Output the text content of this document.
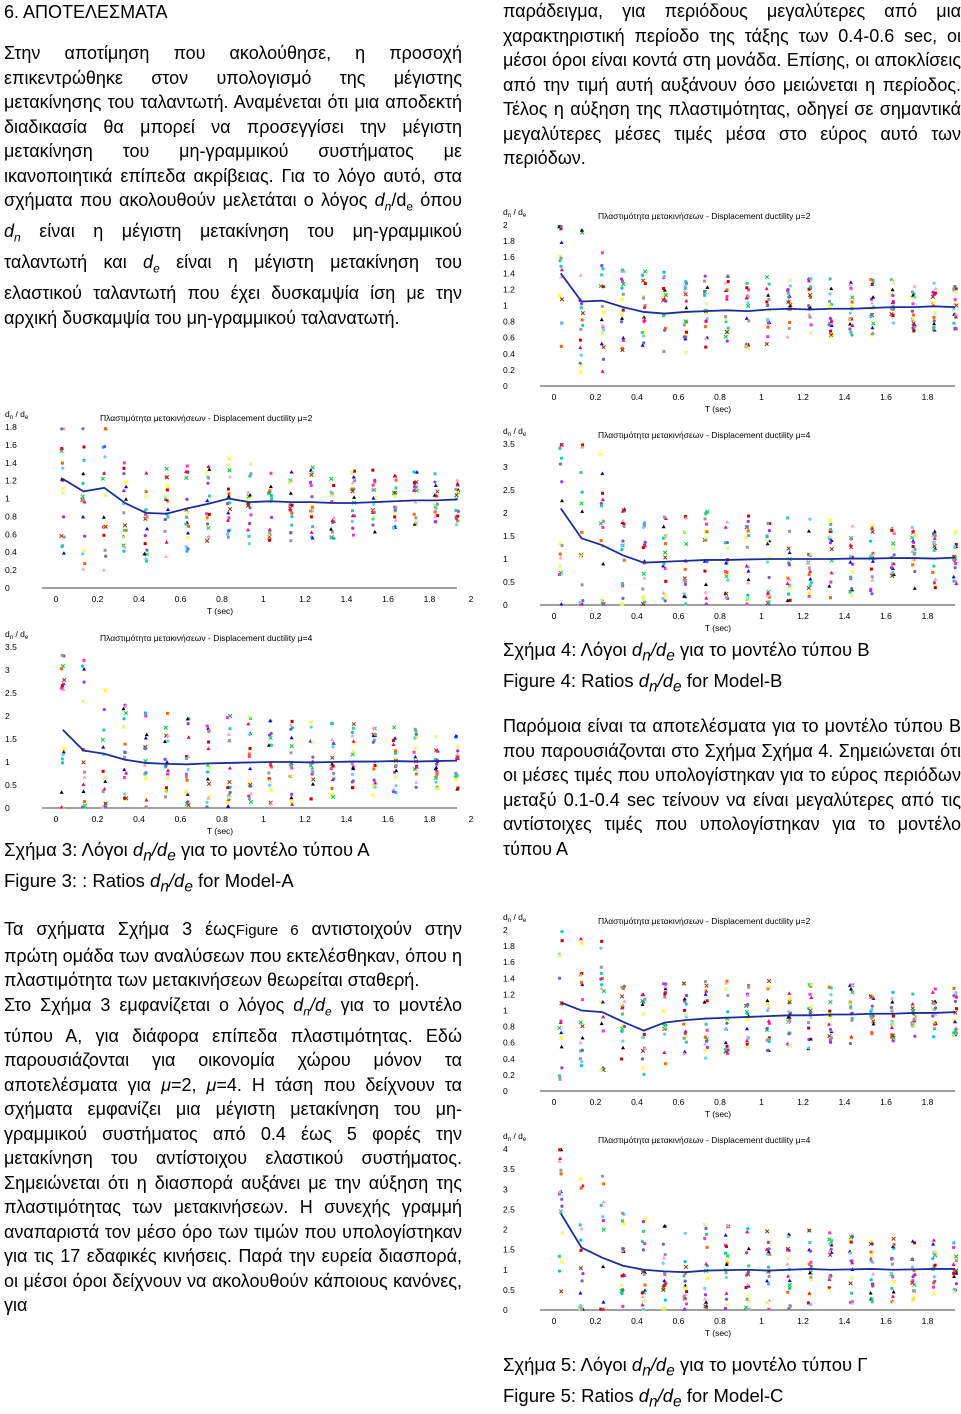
6. ΑΠΟΤΕΛΕΣΜΑΤΑ

Στην αποτίμηση που ακολούθησε, η προσοχή επικεντρώθηκε στον υπολογισμό της μέγιστης μετακίνησης του ταλαντωτή. Αναμένεται ότι μια αποδεκτή διαδικασία θα μπορεί να προσεγγίσει την μέγιστη μετακίνηση του μη-γραμμικού συστήματος με ικανοποιητικά επίπεδα ακρίβειας. Για το λόγο αυτό, στα σχήματα που ακολουθούν μελετάται ο λόγος $d_n/d_e$ όπου $d_n$ είναι η μέγιστη μετακίνηση του μη-γραμμικού ταλαντωτή και $d_e$ είναι η μέγιστη μετακίνηση του ελαστικού ταλαντωτή που έχει δυσκαμψία ίση με την αρχική δυσκαμψία του μη-γραμμικού ταλανατωτή.

Σχήμα 3: Λόγοι $d_n/d_e$ για το μοντέλο τύπου Α

Figure 3: : Ratios $d_n/d_e$ for Model-A

Τα σχήματα Σχήμα 3 έωςFigure 6 αντιστοιχούν στην πρώτη ομάδα των αναλύσεων που εκτελέσθηκαν, όπου η πλαστιμότητα των μετακινήσεων θεωρείται σταθερή.

Στο Σχήμα 3 εμφανίζεται ο λόγος $d_n/d_e$ για το μοντέλο τύπου Α, για διάφορα επίπεδα πλαστιμότητας. Εδώ παρουσιάζονται για οικονομία χώρου μόνον τα αποτελέσματα για μ=2, μ=4. Η τάση που δείχνουν τα σχήματα εμφανίζει μια μέγιστη μετακίνηση του μη-γραμμικού συστήματος από 0.4 έως 5 φορές την μετακίνηση του αντίστοιχου ελαστικού συστήματος. Σημειώνεται ότι η διασπορά αυξάνει με την αύξηση της πλαστιμότητας των μετακινήσεων. Η συνεχής γραμμή αναπαριστά τον μέσο όρο των τιμών που υπολογίστηκαν για τις 17 εδαφικές κινήσεις. Παρά την ευρεία διασπορά, οι μέσοι όροι δείχνουν να ακολουθούν κάποιους κανόνες, για

παράδειγμα, για περιόδους μεγαλύτερες από μια χαρακτηριστική περίοδο της τάξης των 0.4-0.6 sec, οι μέσοι όροι είναι κοντά στη μονάδα. Επίσης, οι αποκλίσεις από την τιμή αυτή αυξάνουν όσο μειώνεται η περίοδος. Τέλος η αύξηση της πλαστιμότητας, οδηγεί σε σημαντικά μεγαλύτερες μέσες τιμές μέσα στο εύρος αυτό των περιόδων.

Σχήμα 4: Λόγοι $d_n/d_e$ για το μοντέλο τύπου Β

Figure 4: Ratios $d_n/d_e$ for Model-B

Παρόμοια είναι τα αποτελέσματα για το μοντέλο τύπου Β που παρουσιάζονται στο Σχήμα Σχήμα 4. Σημειώνεται ότι οι μέσες τιμές που υπολογίστηκαν για το εύρος περιόδων μεταξύ 0.1-0.4 sec τείνουν να είναι μεγαλύτερες από τις αντίστοιχες τιμές που υπολογίστηκαν για το μοντέλο τύπου Α

Σχήμα 5: Λόγοι $d_n/d_e$ για το μοντέλο τύπου Γ

Figure 5: Ratios $d_n/d_e$ for Model-C

Πλαστιμότητα μετακινήσεων - Displacement ductility μ=2
$d_n / d_e$
0
0.2
0.4
0.6
0.8
1
1.2
1.4
1.6
1.8
0	0.2	0.4	0.6	0.8	1	1.2	1.4	1.6	1.8	2
T (sec)
Πλαστιμότητα μετακινήσεων - Displacement ductility μ=4
$d_n / d_e$
0
0.5
1
1.5
2
2.5
3
3.5
0	0.2	0.4	0.6	0.8	1	1.2	1.4	1.6	1.8	2
T (sec)
Πλαστιμότητα μετακινήσεων - Displacement ductility μ=2
$d_n / d_e$
0
0.2
0.4
0.6
0.8
1
1.2
1.4
1.6
1.8
2
0	0.2	0.4	0.6	0.8	1	1.2	1.4	1.6	1.8
T (sec)
Πλαστιμότητα μετακινήσεων - Displacement ductility μ=4
$d_n / d_e$
0
0.5
1
1.5
2
2.5
3
3.5
0	0.2	0.4	0.6	0.8	1	1.2	1.4	1.6	1.8
T (sec)
Πλαστιμότητα μετακινήσεων - Displacement ductility μ=2
$d_n / d_e$
0
0.2
0.4
0.6
0.8
1
1.2
1.4
1.6
1.8
2
0	0.2	0.4	0.6	0.8	1	1.2	1.4	1.6	1.8
T (sec)
Πλαστιμότητα μετακινήσεων - Displacement ductility μ=4
$d_n / d_e$
0
0.5
1
1.5
2
2.5
3
3.5
4
0	0.2	0.4	0.6	0.8	1	1.2	1.4	1.6	1.8
T (sec)
